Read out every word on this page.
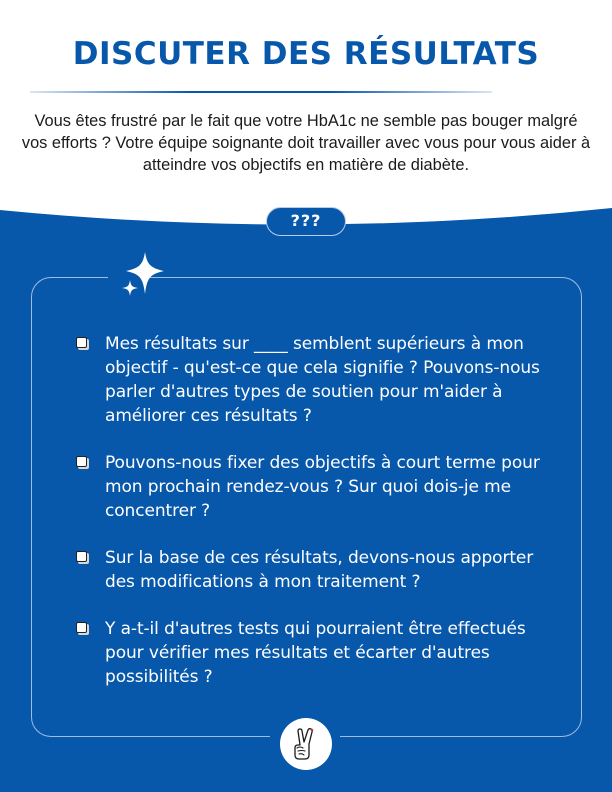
DISCUTER DES RÉSULTATS

Vous êtes frustré par le fait que votre HbA1c ne semble pas bouger malgré vos efforts ? Votre équipe soignante doit travailler avec vous pour vous aider à atteindre vos objectifs en matière de diabète.

???
Mes résultats sur ____ semblent supérieurs à mon objectif - qu'est-ce que cela signifie ? Pouvons-nous parler d'autres types de soutien pour m'aider à améliorer ces résultats ?
Pouvons-nous fixer des objectifs à court terme pour mon prochain rendez-vous ? Sur quoi dois-je me concentrer ?
Sur la base de ces résultats, devons-nous apporter des modifications à mon traitement ?
Y a-t-il d'autres tests qui pourraient être effectués pour vérifier mes résultats et écarter d'autres possibilités ?
